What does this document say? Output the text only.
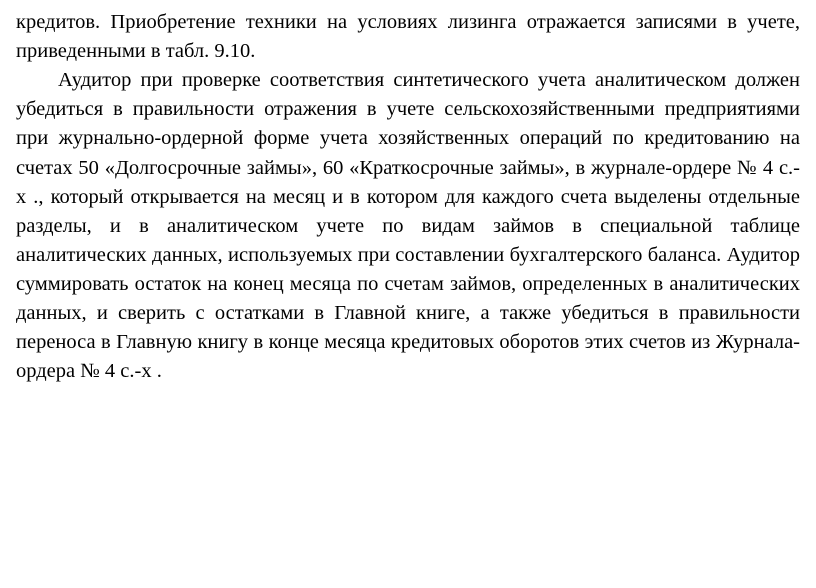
кредитов. Приобретение техники на условиях лизинга отражается записями в учете, приведенными в табл. 9.10.

Аудитор при проверке соответствия синтетического учета аналитическом должен убедиться в правильности отражения в учете сельскохозяйственными предприятиями при журнально-ордерной форме учета хозяйственных операций по кредитованию на счетах 50 «Долгосрочные займы», 60 «Краткосрочные займы», в журнале-ордере № 4 с.-х ., который открывается на месяц и в котором для каждого счета выделены отдельные разделы, и в аналитическом учете по видам займов в специальной таблице аналитических данных, используемых при составлении бухгалтерского баланса. Аудитор суммировать остаток на конец месяца по счетам займов, определенных в аналитических данных, и сверить с остатками в Главной книге, а также убедиться в правильности переноса в Главную книгу в конце месяца кредитовых оборотов этих счетов из Журнала-ордера № 4 с.-х .
